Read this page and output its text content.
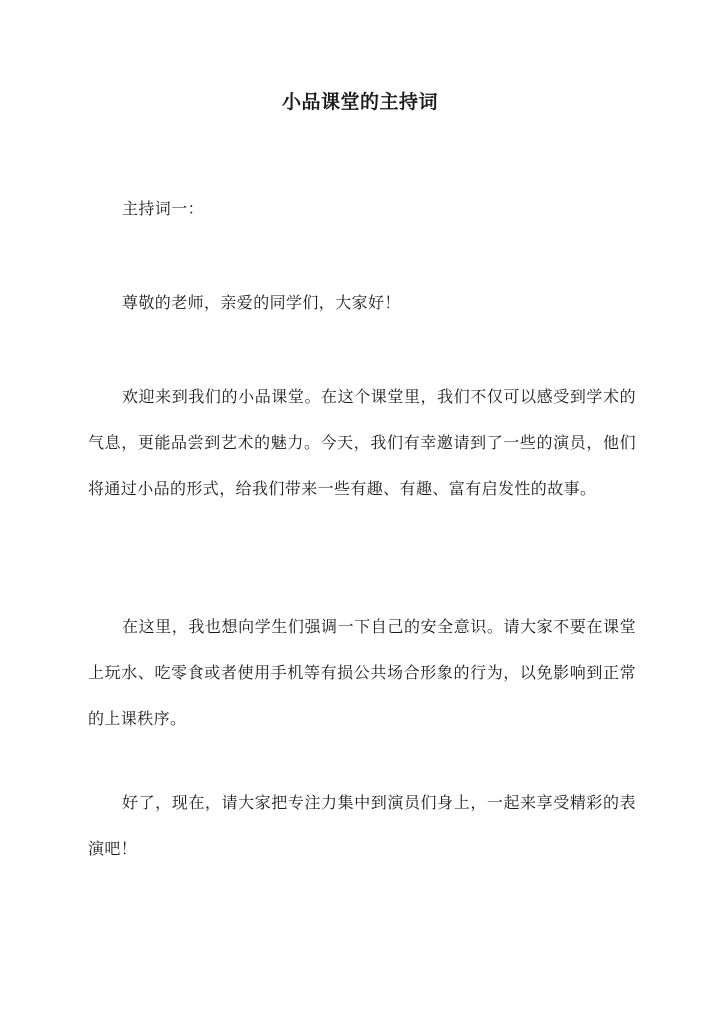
小品课堂的主持词
主持词一：
尊敬的老师，亲爱的同学们，大家好！
欢迎来到我们的小品课堂。在这个课堂里，我们不仅可以感受到学术的气息，更能品尝到艺术的魅力。今天，我们有幸邀请到了一些的演员，他们将通过小品的形式，给我们带来一些有趣、有趣、富有启发性的故事。
在这里，我也想向学生们强调一下自己的安全意识。请大家不要在课堂上玩水、吃零食或者使用手机等有损公共场合形象的行为，以免影响到正常的上课秩序。
好了，现在，请大家把专注力集中到演员们身上，一起来享受精彩的表演吧！
